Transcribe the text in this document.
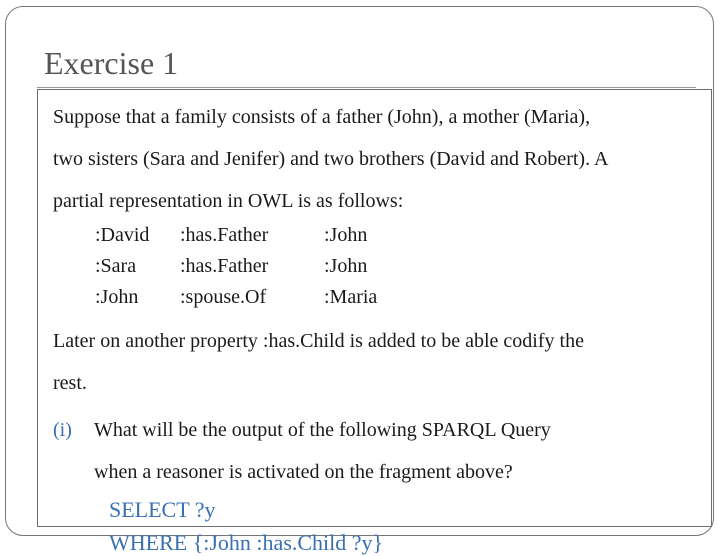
Exercise 1

Suppose that a family consists of a father (John), a mother (Maria),

two sisters (Sara and Jenifer) and two brothers (David and Robert). A

partial representation in OWL is as follows:

:David :has.Father	:John
:Sara :has.Father	:John
:John :spouse.Of	:Maria

Later on another property :has.Child is added to be able codify the

rest.

(i) What will be the output of the following SPARQL Query
when a reasoner is activated on the fragment above?
SELECT ?y
WHERE {:John :has.Child ?y}
